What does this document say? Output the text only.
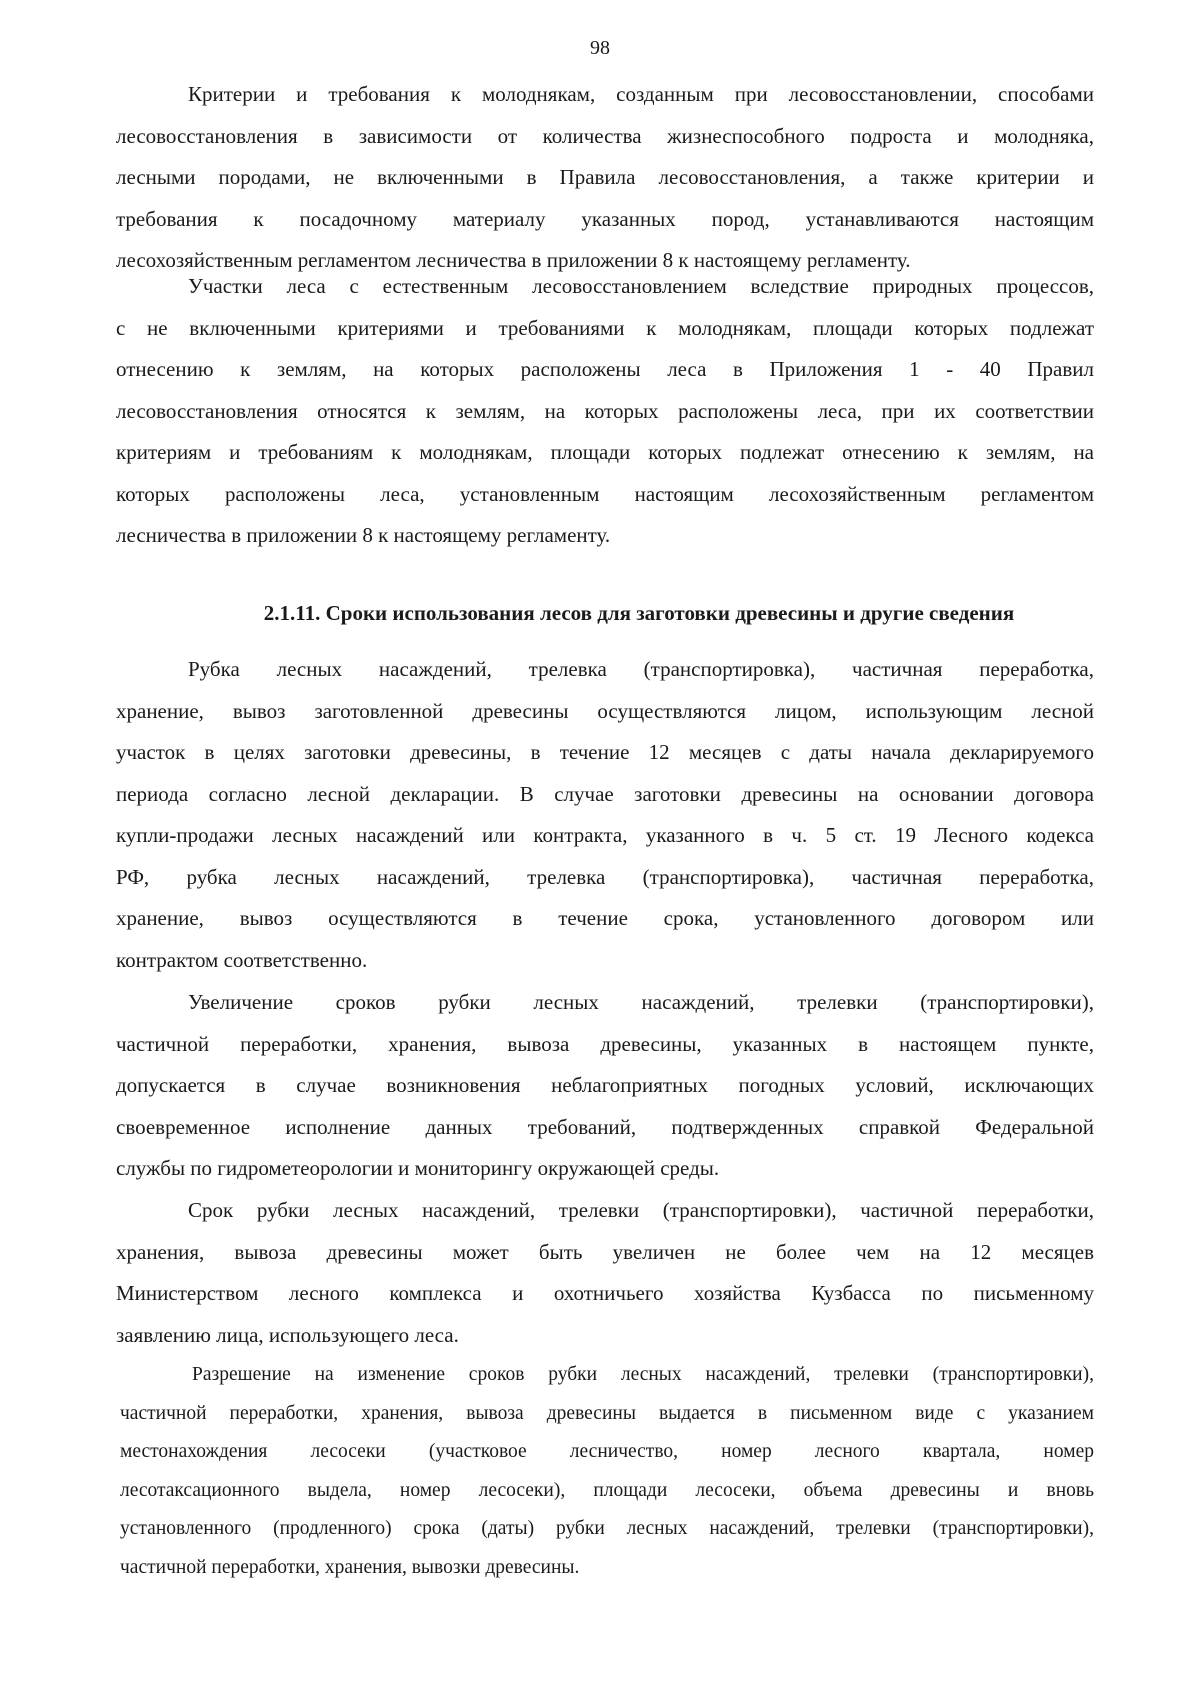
98
Критерии и требования к молоднякам, созданным при лесовосстановлении, способами
лесовосстановления в зависимости от количества жизнеспособного подроста и молодняка,
лесными породами, не включенными в Правила лесовосстановления, а также критерии и
требования к посадочному материалу указанных пород, устанавливаются настоящим
лесохозяйственным регламентом лесничества в приложении 8 к настоящему регламенту.
Участки леса с естественным лесовосстановлением вследствие природных процессов,
с не включенными критериями и требованиями к молоднякам, площади которых подлежат
отнесению к землям, на которых расположены леса в Приложения 1 - 40 Правил
лесовосстановления относятся к землям, на которых расположены леса, при их соответствии
критериям и требованиям к молоднякам, площади которых подлежат отнесению к землям, на
которых расположены леса, установленным настоящим лесохозяйственным регламентом
лесничества в приложении 8 к настоящему регламенту.
2.1.11. Сроки использования лесов для заготовки древесины и другие сведения
Рубка лесных насаждений, трелевка (транспортировка), частичная переработка,
хранение, вывоз заготовленной древесины осуществляются лицом, использующим лесной
участок в целях заготовки древесины, в течение 12 месяцев с даты начала декларируемого
периода согласно лесной декларации. В случае заготовки древесины на основании договора
купли-продажи лесных насаждений или контракта, указанного в ч. 5 ст. 19 Лесного кодекса
РФ, рубка лесных насаждений, трелевка (транспортировка), частичная переработка,
хранение, вывоз осуществляются в течение срока, установленного договором или
контрактом соответственно.
Увеличение сроков рубки лесных насаждений, трелевки (транспортировки),
частичной переработки, хранения, вывоза древесины, указанных в настоящем пункте,
допускается в случае возникновения неблагоприятных погодных условий, исключающих
своевременное исполнение данных требований, подтвержденных справкой Федеральной
службы по гидрометеорологии и мониторингу окружающей среды.
Срок рубки лесных насаждений, трелевки (транспортировки), частичной переработки,
хранения, вывоза древесины может быть увеличен не более чем на 12 месяцев
Министерством лесного комплекса и охотничьего хозяйства Кузбасса по письменному
заявлению лица, использующего леса.
Разрешение на изменение сроков рубки лесных насаждений, трелевки (транспортировки),
частичной переработки, хранения, вывоза древесины выдается в письменном виде с указанием
местонахождения лесосеки (участковое лесничество, номер лесного квартала, номер
лесотаксационного выдела, номер лесосеки), площади лесосеки, объема древесины и вновь
установленного (продленного) срока (даты) рубки лесных насаждений, трелевки (транспортировки),
частичной переработки, хранения, вывозки древесины.
